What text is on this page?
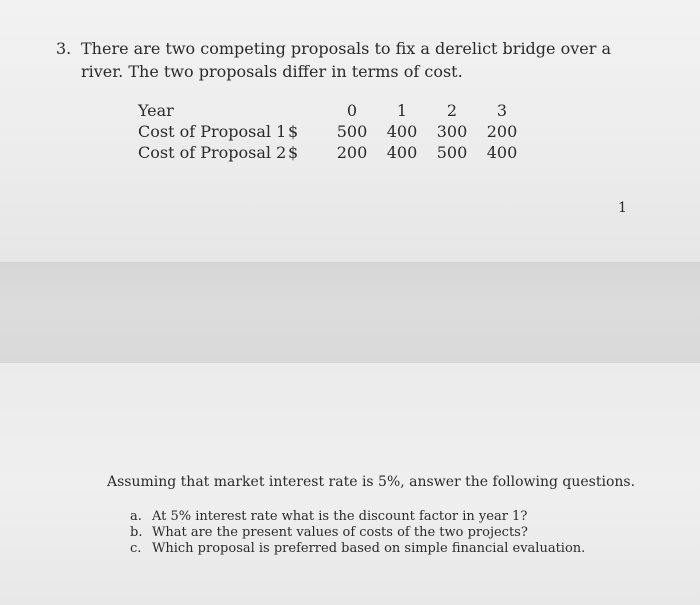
3. There are two competing proposals to fix a derelict bridge over a river. The two proposals differ in terms of cost.
Year	0	1	2	3
Cost of Proposal 1 $ 500 400 300 200
Cost of Proposal 2 $ 200 400 500 400
1
Assuming that market interest rate is 5%, answer the following questions.
a. At 5% interest rate what is the discount factor in year 1?
b. What are the present values of costs of the two projects?
c. Which proposal is preferred based on simple financial evaluation.
